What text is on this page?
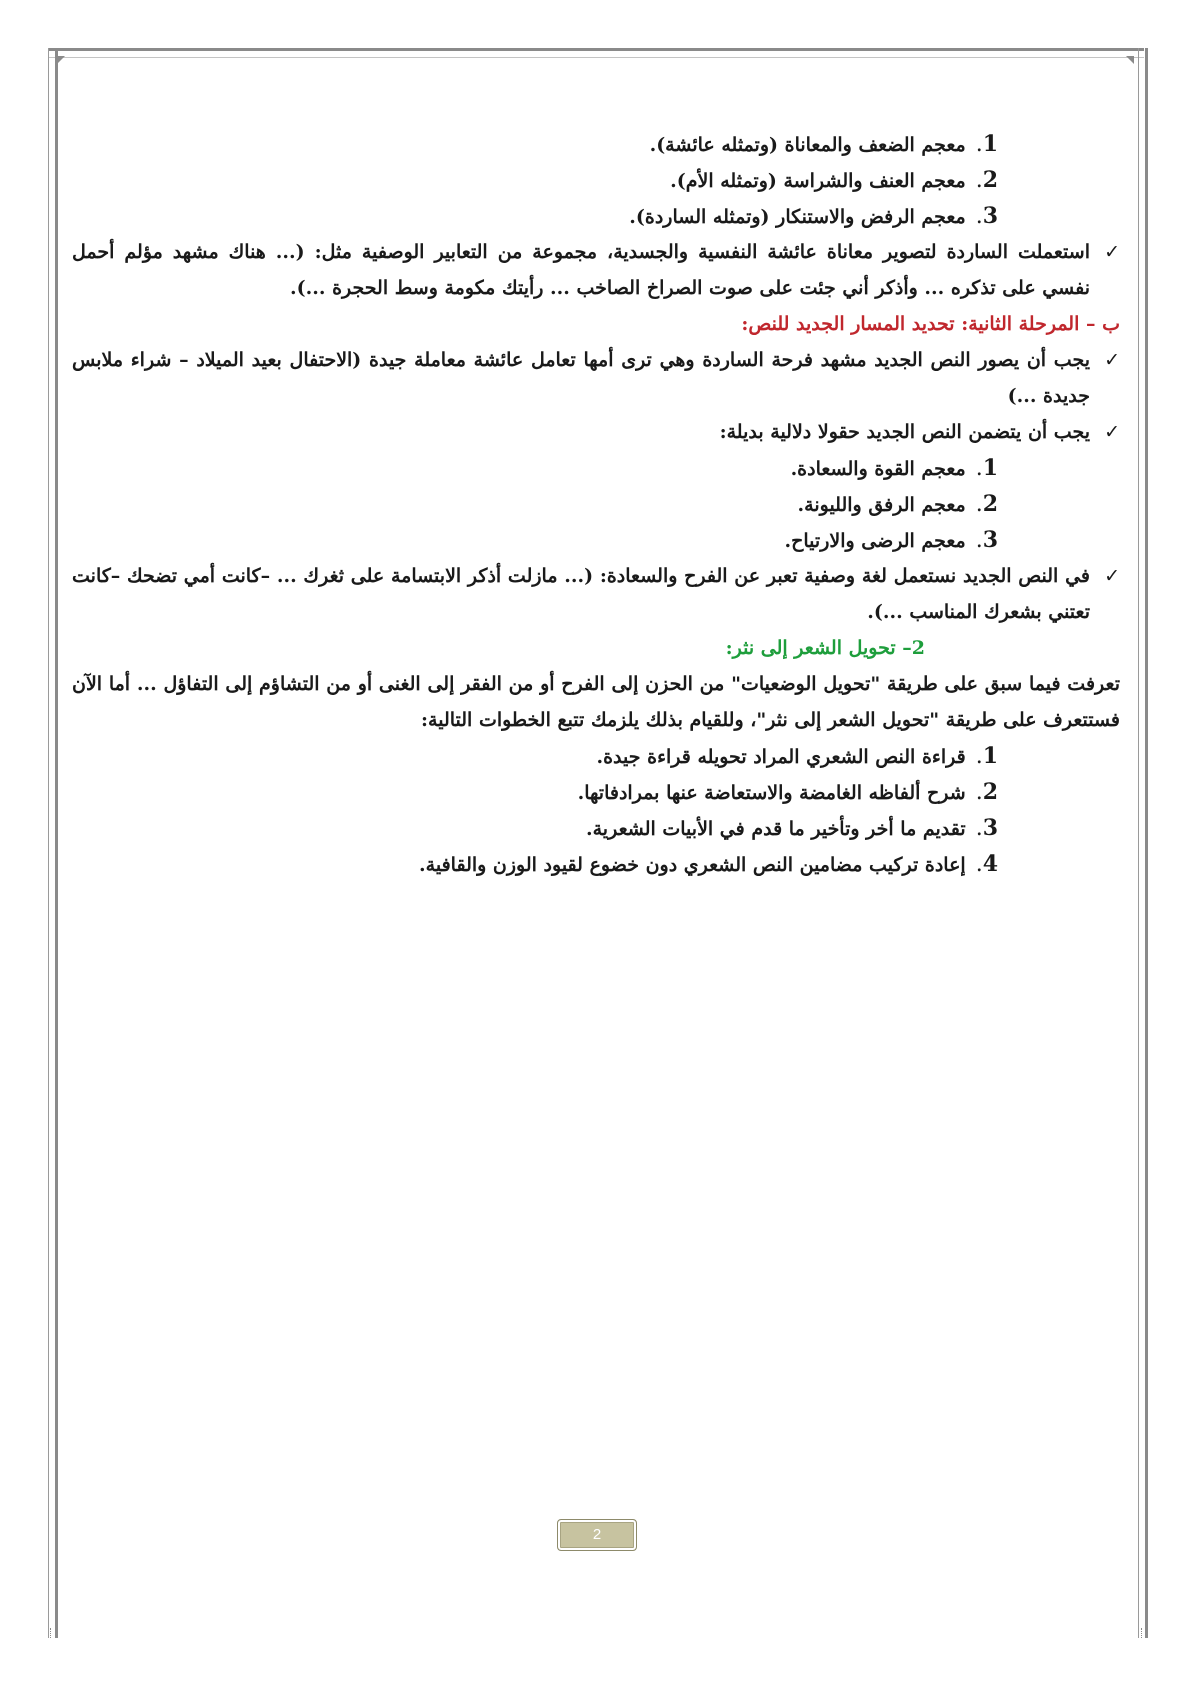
1.معجم الضعف والمعاناة (وتمثله عائشة).
2.معجم العنف والشراسة (وتمثله الأم).
3.معجم الرفض والاستنكار (وتمثله الساردة).
✓
استعملت الساردة لتصوير معاناة عائشة النفسية والجسدية، مجموعة من التعابير الوصفية مثل: (... هناك مشهد مؤلم أحمل نفسي على تذكره ... وأذكر أني جئت على صوت الصراخ الصاخب ... رأيتك مكومة وسط الحجرة ...).
ب – المرحلة الثانية: تحديد المسار الجديد للنص:
✓
يجب أن يصور النص الجديد مشهد فرحة الساردة وهي ترى أمها تعامل عائشة معاملة جيدة (الاحتفال بعيد الميلاد – شراء ملابس جديدة ...)
✓
يجب أن يتضمن النص الجديد حقولا دلالية بديلة:
1.معجم القوة والسعادة.
2.معجم الرفق والليونة.
3.معجم الرضى والارتياح.
✓
في النص الجديد نستعمل لغة وصفية تعبر عن الفرح والسعادة: (... مازلت أذكر الابتسامة على ثغرك ... –كانت أمي تضحك –كانت تعتني بشعرك المناسب ...).
2– تحويل الشعر إلى نثر:
تعرفت فيما سبق على طريقة "تحويل الوضعيات" من الحزن إلى الفرح أو من الفقر إلى الغنى أو من التشاؤم إلى التفاؤل ... أما الآن فستتعرف على طريقة "تحويل الشعر إلى نثر"، وللقيام بذلك يلزمك تتبع الخطوات التالية:
1.قراءة النص الشعري المراد تحويله قراءة جيدة.
2.شرح ألفاظه الغامضة والاستعاضة عنها بمرادفاتها.
3.تقديم ما أخر وتأخير ما قدم في الأبيات الشعرية.
4.إعادة تركيب مضامين النص الشعري دون خضوع لقيود الوزن والقافية.
2
